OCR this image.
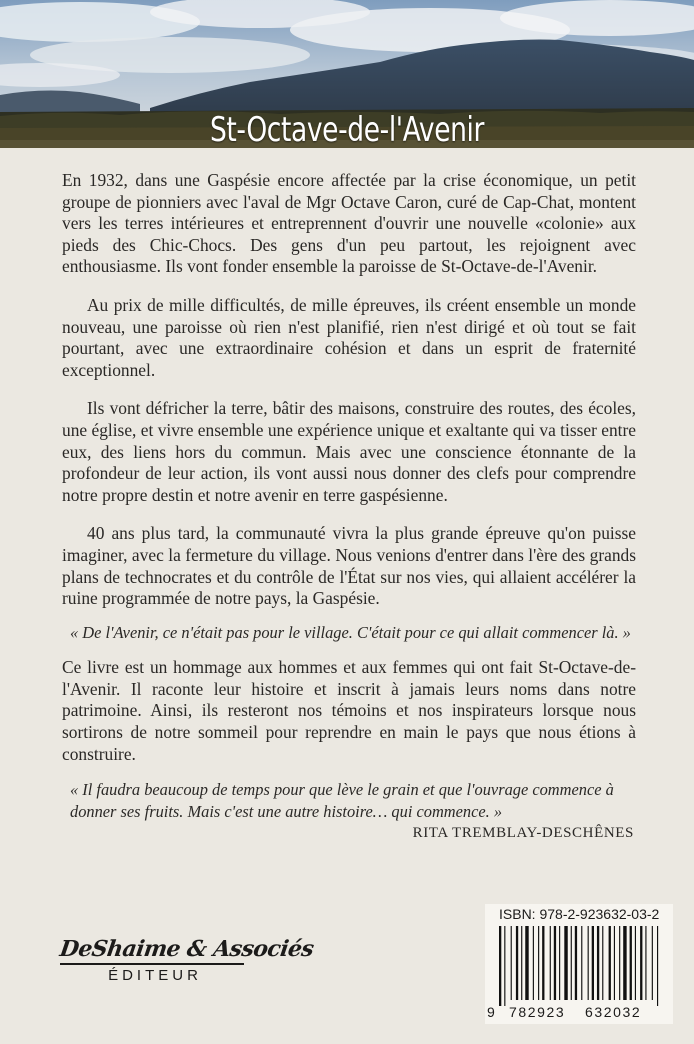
St-Octave-de-l'Avenir

En 1932, dans une Gaspésie encore affectée par la crise économique, un petit groupe de pionniers avec l'aval de Mgr Octave Caron, curé de Cap-Chat, montent vers les terres intérieures et entreprennent d'ouvrir une nouvelle «colonie» aux pieds des Chic-Chocs. Des gens d'un peu partout, les rejoignent avec enthousiasme. Ils vont fonder ensemble la paroisse de St-Octave-de-l'Avenir.

Au prix de mille difficultés, de mille épreuves, ils créent ensemble un monde nouveau, une paroisse où rien n'est planifié, rien n'est dirigé et où tout se fait pourtant, avec une extraordinaire cohésion et dans un esprit de fraternité exceptionnel.

Ils vont défricher la terre, bâtir des maisons, construire des routes, des écoles, une église, et vivre ensemble une expérience unique et exaltante qui va tisser entre eux, des liens hors du commun. Mais avec une conscience étonnante de la profondeur de leur action, ils vont aussi nous donner des clefs pour comprendre notre propre destin et notre avenir en terre gaspésienne.

40 ans plus tard, la communauté vivra la plus grande épreuve qu'on puisse imaginer, avec la fermeture du village. Nous venions d'entrer dans l'ère des grands plans de technocrates et du contrôle de l'État sur nos vies, qui allaient accélérer la ruine programmée de notre pays, la Gaspésie.

« De l'Avenir, ce n'était pas pour le village. C'était pour ce qui allait commencer là. »

Ce livre est un hommage aux hommes et aux femmes qui ont fait St-Octave-de-l'Avenir. Il raconte leur histoire et inscrit à jamais leurs noms dans notre patrimoine. Ainsi, ils resteront nos témoins et nos inspirateurs lorsque nous sortirons de notre sommeil pour reprendre en main le pays que nous étions à construire.

« Il faudra beaucoup de temps pour que lève le grain et que l'ouvrage commence à donner ses fruits. Mais c'est une autre histoire… qui commence. »

RITA TREMBLAY-DESCHÊNES

DeShaime & Associés
ÉDITEUR
ISBN: 978-2-923632-03-2
9 782923 632032
